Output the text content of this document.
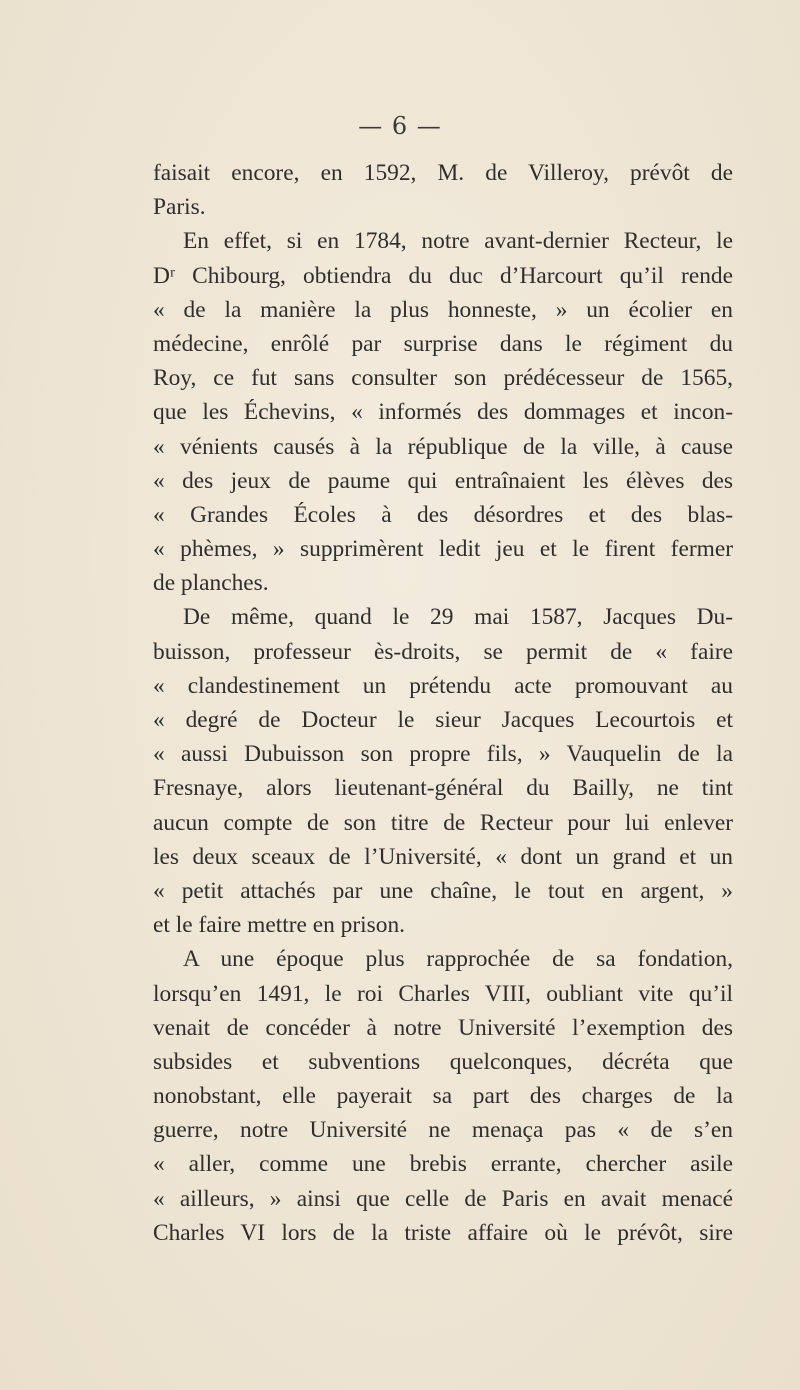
— 6 —
faisait encore, en 1592, M. de Villeroy, prévôt de
Paris.
En effet, si en 1784, notre avant-dernier Recteur, le
Dʳ Chibourg, obtiendra du duc d’Harcourt qu’il rende
« de la manière la plus honneste, » un écolier en
médecine, enrôlé par surprise dans le régiment du
Roy, ce fut sans consulter son prédécesseur de 1565,
que les Échevins, « informés des dommages et incon-
« vénients causés à la république de la ville, à cause
« des jeux de paume qui entraînaient les élèves des
« Grandes Écoles à des désordres et des blas-
« phèmes, » supprimèrent ledit jeu et le firent fermer
de planches.
De même, quand le 29 mai 1587, Jacques Du-
buisson, professeur ès-droits, se permit de « faire
« clandestinement un prétendu acte promouvant au
« degré de Docteur le sieur Jacques Lecourtois et
« aussi Dubuisson son propre fils, » Vauquelin de la
Fresnaye, alors lieutenant-général du Bailly, ne tint
aucun compte de son titre de Recteur pour lui enlever
les deux sceaux de l’Université, « dont un grand et un
« petit attachés par une chaîne, le tout en argent, »
et le faire mettre en prison.
A une époque plus rapprochée de sa fondation,
lorsqu’en 1491, le roi Charles VIII, oubliant vite qu’il
venait de concéder à notre Université l’exemption des
subsides et subventions quelconques, décréta que
nonobstant, elle payerait sa part des charges de la
guerre, notre Université ne menaça pas « de s’en
« aller, comme une brebis errante, chercher asile
« ailleurs, » ainsi que celle de Paris en avait menacé
Charles VI lors de la triste affaire où le prévôt, sire
